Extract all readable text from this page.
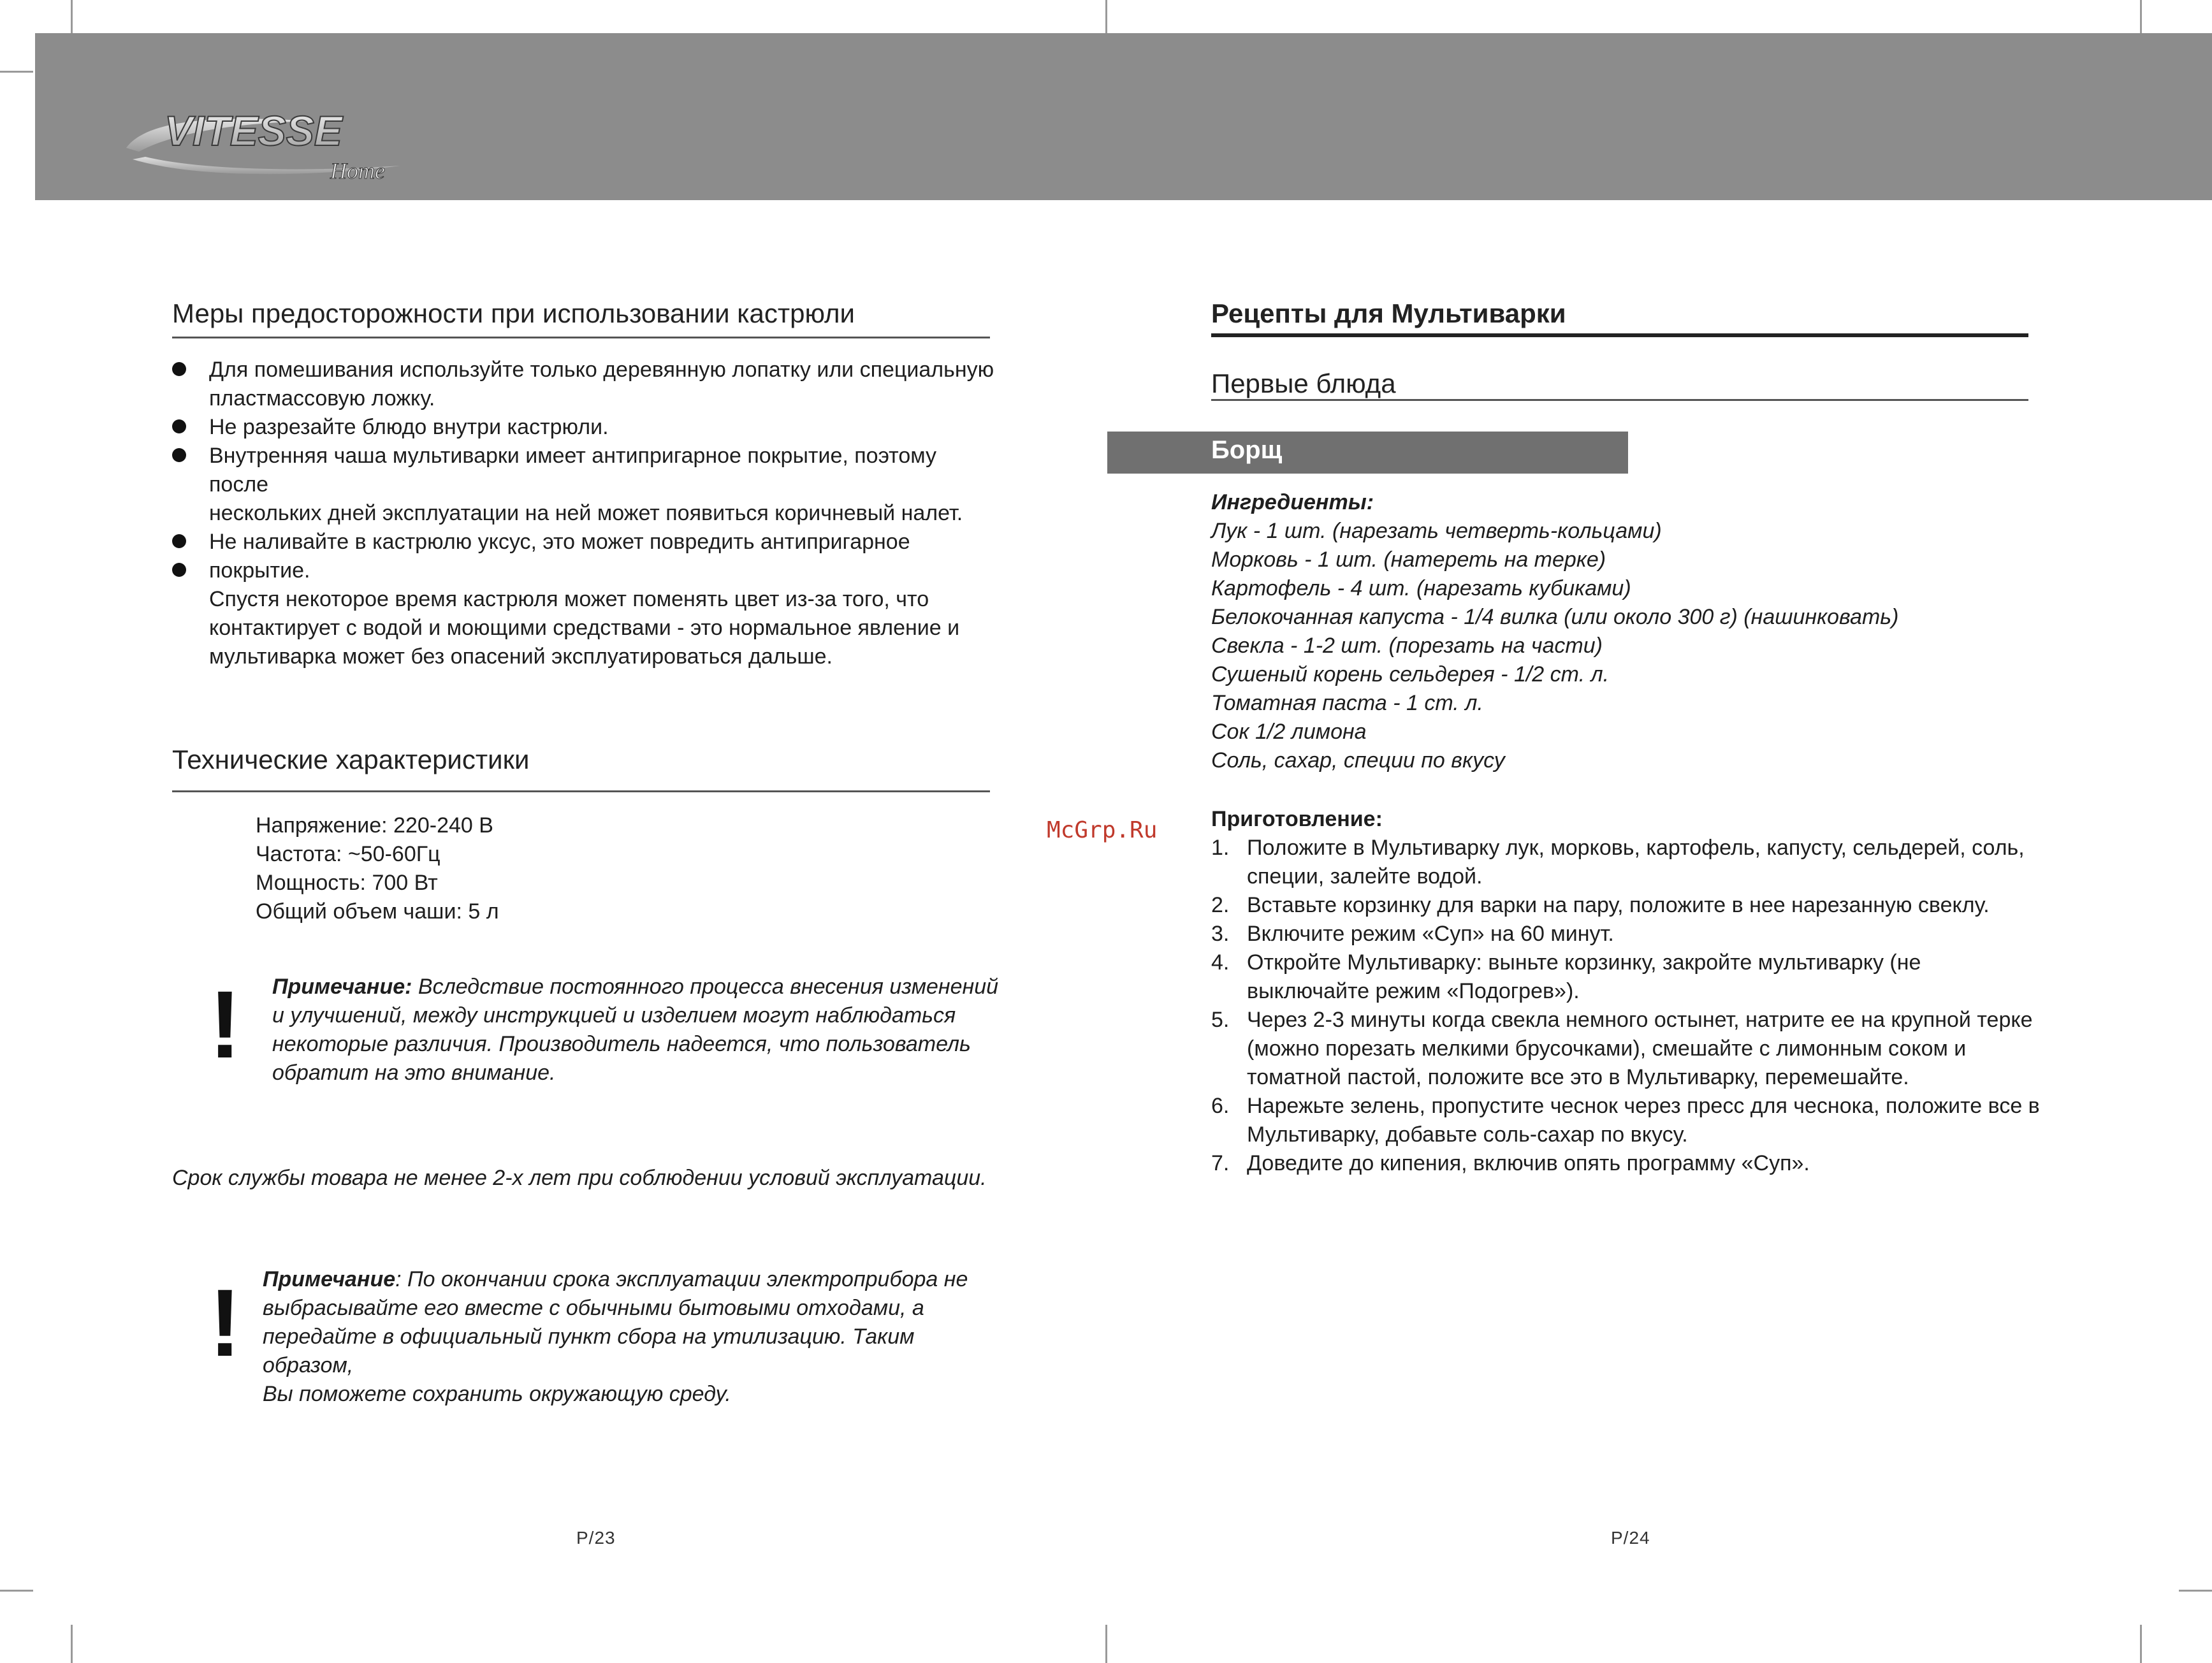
VITESSE
Home
Меры предосторожности при использовании кастрюли
Для помешивания используйте только деревянную лопатку или специальную
пластмассовую ложку.
Не разрезайте блюдо внутри кастрюли.
Внутренняя чаша мультиварки имеет антипригарное покрытие, поэтому после
нескольких дней эксплуатации на ней может появиться коричневый налет.
Не наливайте в кастрюлю уксус, это может повредить антипригарное
покрытие.
Спустя некоторое время кастрюля может поменять цвет из-за того, что
контактирует с водой и моющими средствами - это нормальное явление и
мультиварка может без опасений эксплуатироваться дальше.
Технические характеристики
Напряжение: 220-240 В
Частота: ~50-60Гц
Мощность: 700 Вт
Общий объем чаши: 5 л
! Примечание: Вследствие постоянного процесса внесения изменений
и улучшений, между инструкцией и изделием могут наблюдаться
некоторые различия. Производитель надеется, что пользователь
обратит на это внимание.
Срок службы товара не менее 2-х лет при соблюдении условий эксплуатации.
! Примечание: По окончании срока эксплуатации электроприбора не
выбрасывайте его вместе с обычными бытовыми отходами, а
передайте в официальный пункт сбора на утилизацию. Таким образом,
Вы поможете сохранить окружающую среду.
P/23
Рецепты для Мультиварки
Первые блюда
Борщ
Ингредиенты:
Лук - 1 шт. (нарезать четверть-кольцами)
Морковь - 1 шт. (натереть на терке)
Картофель - 4 шт. (нарезать кубиками)
Белокочанная капуста - 1/4 вилка (или около 300 г) (нашинковать)
Свекла - 1-2 шт. (порезать на части)
Сушеный корень сельдерея - 1/2 ст. л.
Томатная паста - 1 ст. л.
Сок 1/2 лимона
Соль, сахар, специи по вкусу
Приготовление:
1. Положите в Мультиварку лук, морковь, картофель, капусту, сельдерей, соль,
специи, залейте водой.
2. Вставьте корзинку для варки на пару, положите в нее нарезанную свеклу.
3. Включите режим «Суп» на 60 минут.
4. Откройте Мультиварку: выньте корзинку, закройте мультиварку (не
выключайте режим «Подогрев»).
5. Через 2-3 минуты когда свекла немного остынет, натрите ее на крупной терке
(можно порезать мелкими брусочками), смешайте с лимонным соком и
томатной пастой, положите все это в Мультиварку, перемешайте.
6. Нарежьте зелень, пропустите чеснок через пресс для чеснока, положите все в
Мультиварку, добавьте соль-сахар по вкусу.
7. Доведите до кипения, включив опять программу «Суп».
McGrp.Ru
P/24
